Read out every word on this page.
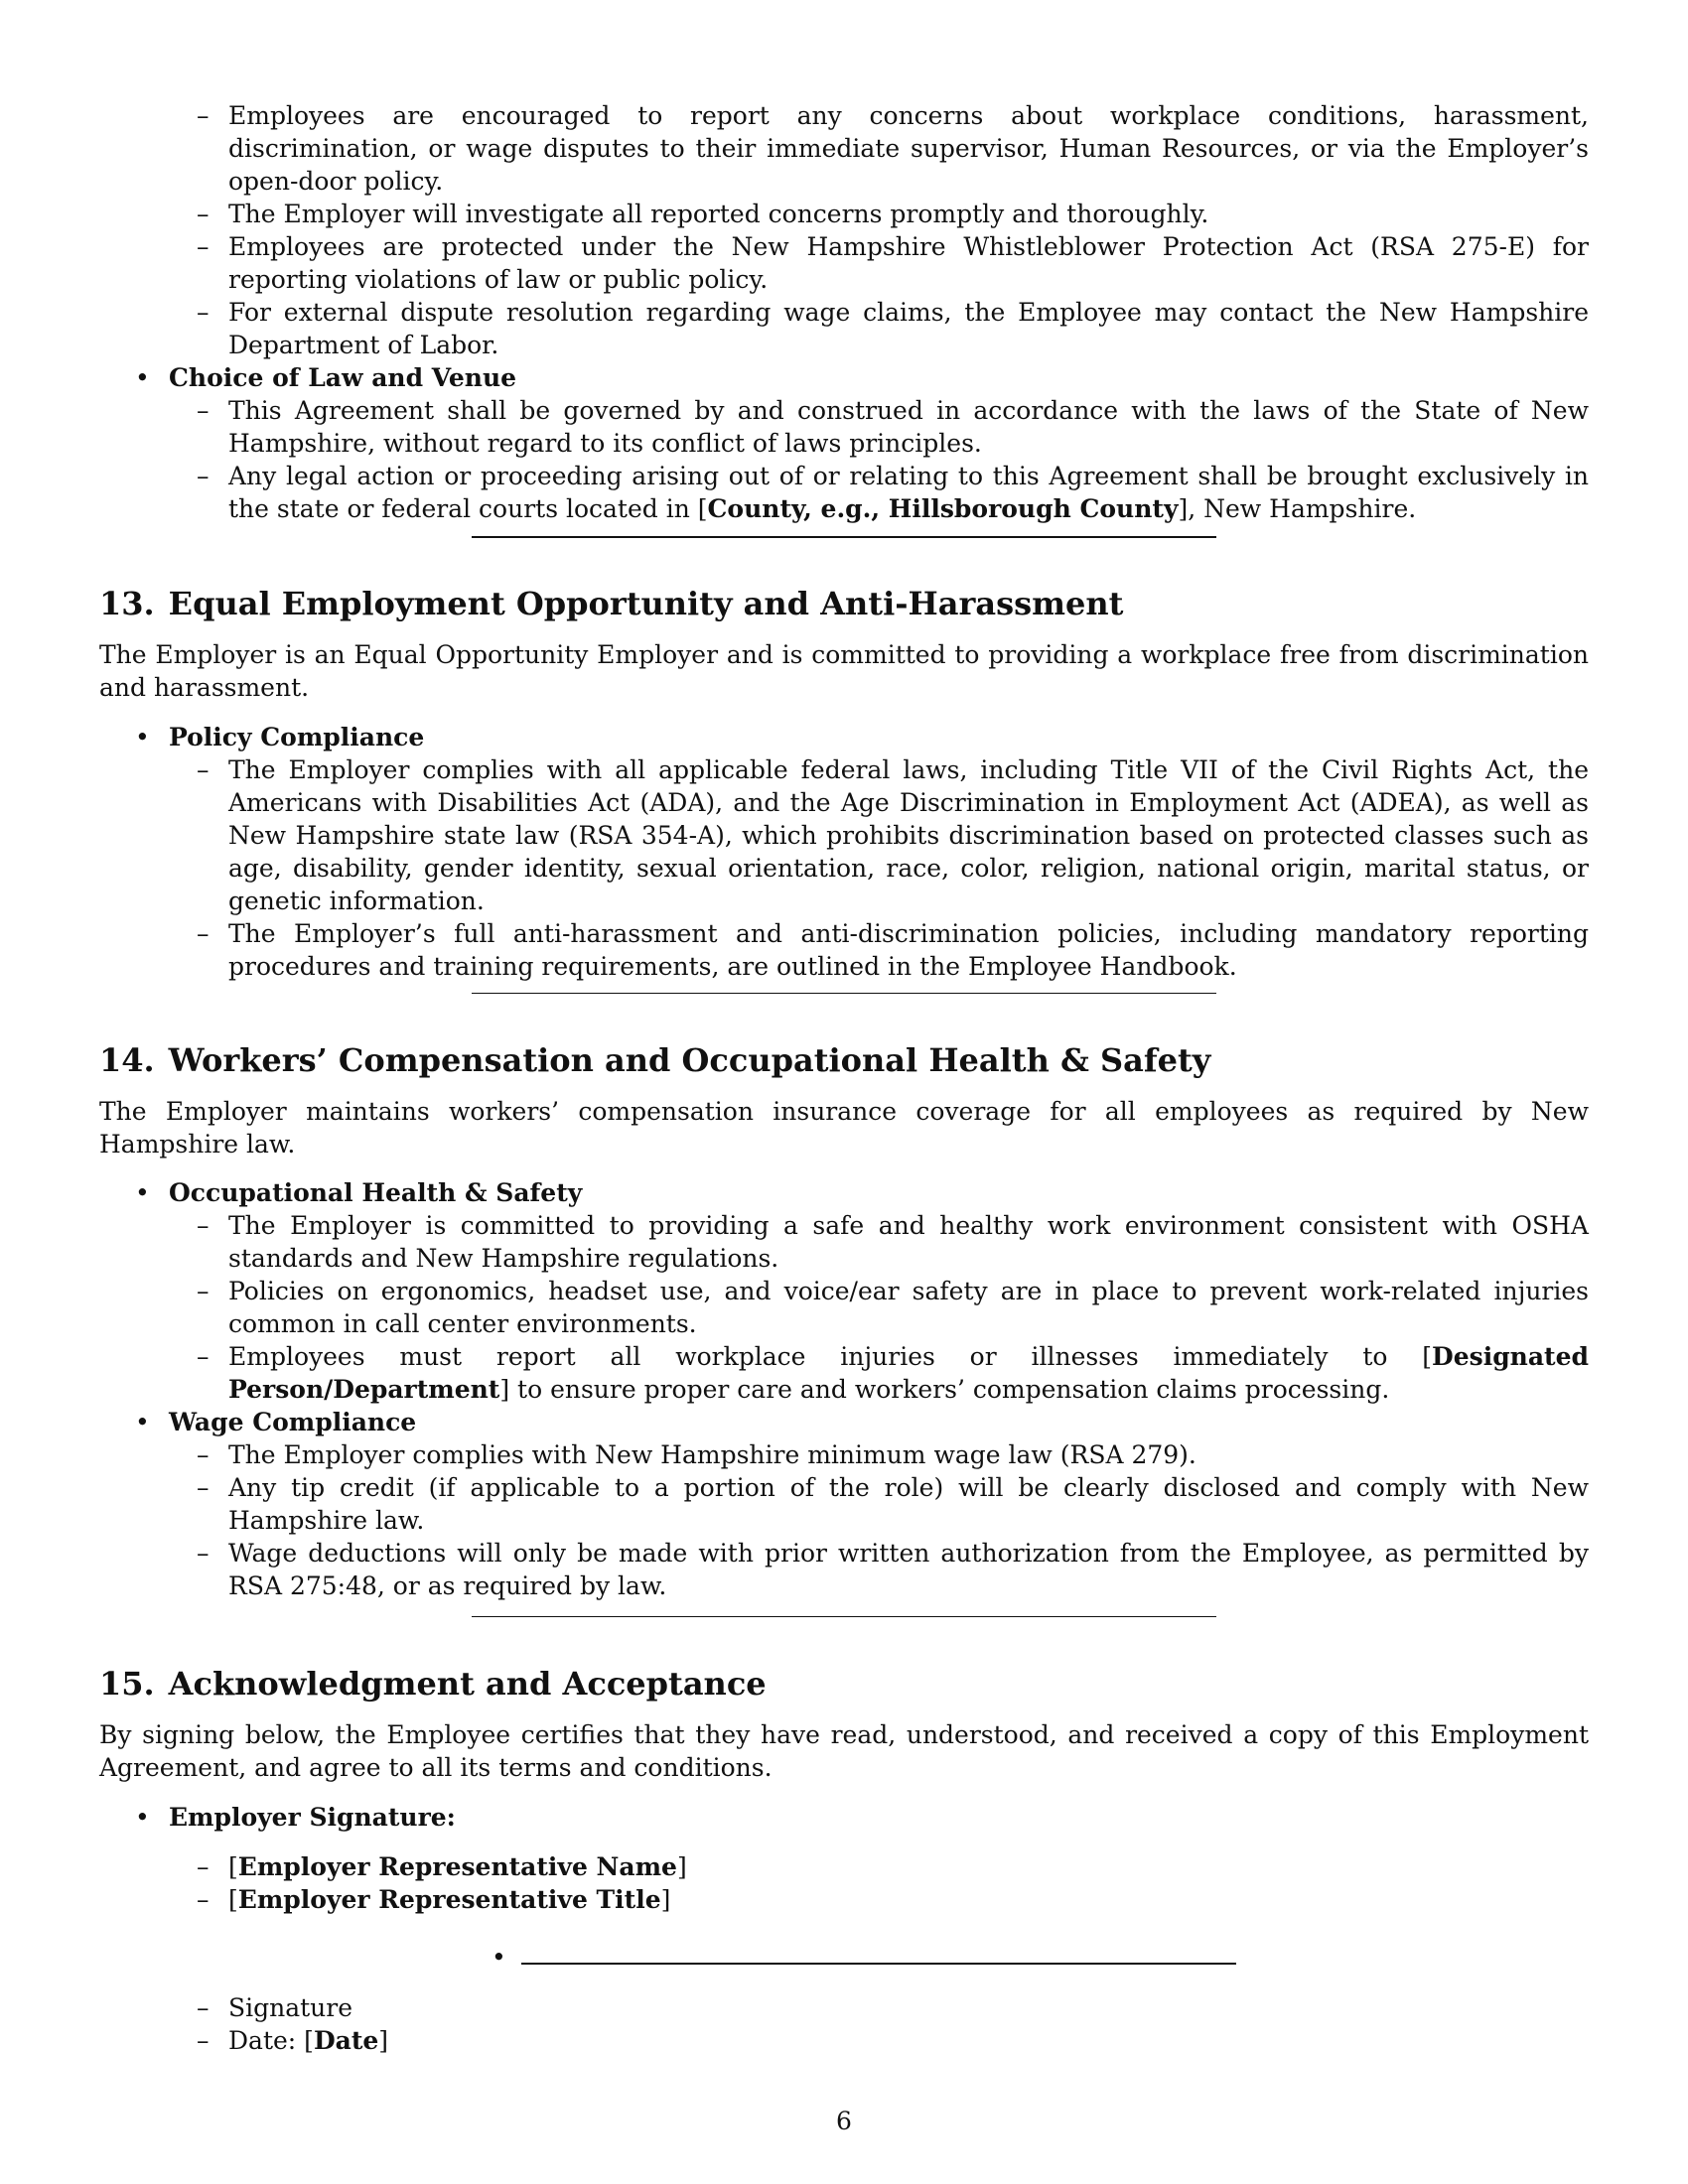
– Employees are encouraged to report any concerns about workplace conditions, harassment, discrimination, or wage disputes to their immediate supervisor, Human Resources, or via the Employer’s open-door policy.
– The Employer will investigate all reported concerns promptly and thoroughly.
– Employees are protected under the New Hampshire Whistleblower Protection Act (RSA 275-E) for reporting violations of law or public policy.
– For external dispute resolution regarding wage claims, the Employee may contact the New Hampshire Department of Labor.
• Choice of Law and Venue
– This Agreement shall be governed by and construed in accordance with the laws of the State of New Hampshire, without regard to its conflict of laws principles.
– Any legal action or proceeding arising out of or relating to this Agreement shall be brought exclusively in the state or federal courts located in [County, e.g., Hillsborough County], New Hampshire.
13. Equal Employment Opportunity and Anti-Harassment
The Employer is an Equal Opportunity Employer and is committed to providing a workplace free from discrimination and harassment.
• Policy Compliance
– The Employer complies with all applicable federal laws, including Title VII of the Civil Rights Act, the Americans with Disabilities Act (ADA), and the Age Discrimination in Employment Act (ADEA), as well as New Hampshire state law (RSA 354-A), which prohibits discrimination based on protected classes such as age, disability, gender identity, sexual orientation, race, color, religion, national origin, marital status, or genetic information.
– The Employer’s full anti-harassment and anti-discrimination policies, including mandatory reporting procedures and training requirements, are outlined in the Employee Handbook.
14. Workers’ Compensation and Occupational Health & Safety
The Employer maintains workers’ compensation insurance coverage for all employees as required by New Hampshire law.
• Occupational Health & Safety
– The Employer is committed to providing a safe and healthy work environment consistent with OSHA standards and New Hampshire regulations.
– Policies on ergonomics, headset use, and voice/ear safety are in place to prevent work-related injuries common in call center environments.
– Employees must report all workplace injuries or illnesses immediately to [Designated Person/Department] to ensure proper care and workers’ compensation claims processing.
• Wage Compliance
– The Employer complies with New Hampshire minimum wage law (RSA 279).
– Any tip credit (if applicable to a portion of the role) will be clearly disclosed and comply with New Hampshire law.
– Wage deductions will only be made with prior written authorization from the Employee, as permitted by RSA 275:48, or as required by law.
15. Acknowledgment and Acceptance
By signing below, the Employee certifies that they have read, understood, and received a copy of this Employment Agreement, and agree to all its terms and conditions.
• Employer Signature:
– [Employer Representative Name]
– [Employer Representative Title]
•
– Signature
– Date: [Date]
6
